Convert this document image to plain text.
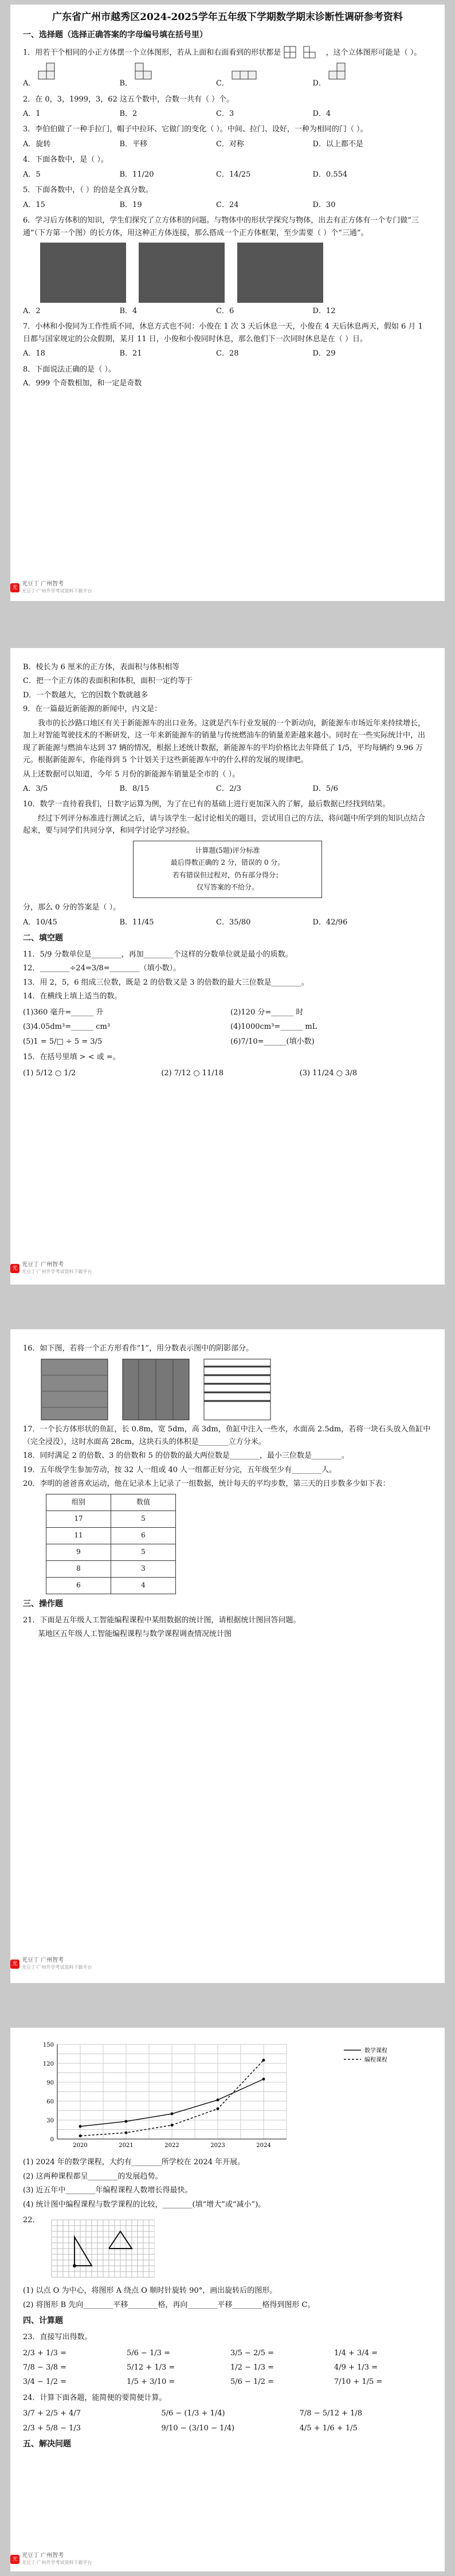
广东省广州市越秀区2024-2025学年五年级下学期数学期末诊断性调研参考资料
一、选择题（选择正确答案的字母编号填在括号里）
1．用若干个相同的小正方体摆一个立体图形，若从上面和右面看到的形状都是	，这个立体图形可能是（ ）。
A．	B．	C．	D．
2．在 0，3，1999，3，62 这五个数中，合数一共有（ ）个。
A．1	B．2	C．3	D．4
3．李伯伯做了一种手拉门，帽子中拉环、它做门的变化（ ）。中间、拉门、设好，一种为相同的门（ ）。
A．旋转	B．平移	C．对称	D．以上都不是
4．下面各数中，是（ ）。
A．5	B．11/20	C．14/25	D．0.554
5．下面各数中，（ ）的倍是全真分数。
A．15	B．19	C．24	D．30
6．学习后方体积的知识，学生们探究了立方体积的问题。与物体中的形状学探究与物体，出去有正方体有一个专门做“三通”（下方第一个图）的长方体，用这种正方体连接，那么搭成一个正方体框架，至少需要（ ）个“三通”。
A．2	B．4	C．6	D．12
7．小林和小俊同为工作性质不同，休息方式也不同：小俊在 1 次 3 天后休息一天，小俊在 4 天后休息两天，假如 6 月 1 日都与国家规定的公众假期，某月 11 日，小俊和小俊同时休息，那么他们下一次同时休息是在（ ）日。
A．18	B．21	C．28	D．29
8．下面说法正确的是（ ）。
A．999 个奇数相加，和一定是奇数
光
光豆丁 广州智考
光豆丁·广州升学考试资料下载平台
B．棱长为 6 厘米的正方体，表面积与体积相等
C．把一个正方体的表面积和体积，面积一定约等于
D．一个数越大，它的因数个数就越多
9．在一篇最近新能源的新闻中，内文是：
我市的长沙路口地区有关于新能源车的出口业务。这就是汽车行业发展的一个新动向，新能源车市场近年来持续增长，加上对智能驾驶技术的不断研发，这一年来新能源车的销量与传统燃油车的销量差距越来越小。同时在一些实际统计中，出现了新能源与燃油车达到 37 辆的情况，根据上述统计数据，新能源车的平均价格比去年降低了 1/5，平均每辆约 9.96 万元。根据新能源车，你能得到 5 个计划关于这些新能源车中的什么样的发展的规律吧。
从上述数据可以知道，今年 5 月份的新能源车销量是全市的（ ）。
A．3/5	B．8/15	C．2/3	D．5/6
10．数学一直待着我们，日数字运算为例，为了在已有的基础上进行更加深入的了解，最后数据已经找到结果。
经过下列评分标准进行测试之后，请与该学生一起讨论相关的题目，尝试用自己的方法，将问题中所学到的知识点结合起来，要与同学们共同分享，和同学讨论学习经验。
计算题(5题)评分标准
最后得数正确的 2 分，错误的 0 分。
若有错误但过程对，仍有部分得分；
仅写答案的不给分。
分，那么 0 分的答案是（ ）。
A．10/45	B．11/45	C．35/80	D．42/96
二、填空题
11．5/9 分数单位是________，再加________个这样的分数单位就是最小的质数。
12．________÷24=3/8=________（填小数）。
13．用 2，5，6 组成三位数，既是 2 的倍数又是 3 的倍数的最大三位数是________。
14．在横线上填上适当的数。
(1)360 毫升=______ 升	(2)120 分=______ 时
(3)4.05dm³=______ cm³	(4)1000cm³=______ mL
(5)1 = 5/□ ÷ 5 = 3/5	(6)7/10=______(填小数)
15．在括号里填 > < 或 =。
(1) 5/12 ○ 1/2	(2) 7/12 ○ 11/18	(3) 11/24 ○ 3/8
光
光豆丁 广州智考
光豆丁·广州升学考试资料下载平台
16．如下图，若将一个正方形看作“1”，用分数表示图中的阴影部分。
17．一个长方体形状的鱼缸，长 0.8m，宽 5dm，高 3dm，鱼缸中注入一些水，水面高 2.5dm，若将一块石头放入鱼缸中（完全浸没），这时水面高 28cm，这块石头的体积是________立方分米。
18．同时满足 2 的倍数、3 的倍数和 5 的倍数的最大两位数是________，最小三位数是________。
19．五年级学生参加劳动，按 32 人一组或 40 人一组都正好分完，五年级至少有________人。
20．李明的爸爸喜欢运动，他在记录本上记录了一组数据，统计每天的平均步数，第三天的日步数多少如下表：
组别	数值
17	5
11	6
9	5
8	3
6	4
三、操作题
21．下面是五年级人工智能编程课程中某组数据的统计图，请根据统计图回答问题。
某地区五年级人工智能编程课程与数学课程调查情况统计图
光
光豆丁 广州智考
光豆丁·广州升学考试资料下载平台
0
30
60
90
120
150
2020	2021	2022	2023	2024
数学课程
编程课程
(1) 2024 年的数学课程，大约有________所学校在 2024 年开展。
(2) 这两种课程都呈________的发展趋势。
(3) 近五年中________年编程课程人数增长得最快。
(4) 统计图中编程课程与数学课程的比较，________(填“增大”或“减小”)。
22．
(1) 以点 O 为中心，将图形 A 绕点 O 顺时针旋转 90°，画出旋转后的图形。
(2) 将图形 B 先向________平移________格，再向________平移________格得到图形 C。
四、计算题
23．直接写出得数。
2/3 + 1/3 =	5/6 − 1/3 =	3/5 − 2/5 =	1/4 + 3/4 =
7/8 − 3/8 =	5/12 + 1/3 =	1/2 − 1/3 =	4/9 + 1/3 =
3/4 − 1/2 =	1/5 + 3/10 =	5/6 − 1/2 =	7/10 + 1/5 =
24．计算下面各题，能简便的要简便计算。
3/7 + 2/5 + 4/7	5/6 − (1/3 + 1/4)	7/8 − 5/12 + 1/8
2/3 + 5/8 − 1/3	9/10 − (3/10 − 1/4)	4/5 + 1/6 + 1/5
五、解决问题
光
光豆丁 广州智考
光豆丁·广州升学考试资料下载平台
